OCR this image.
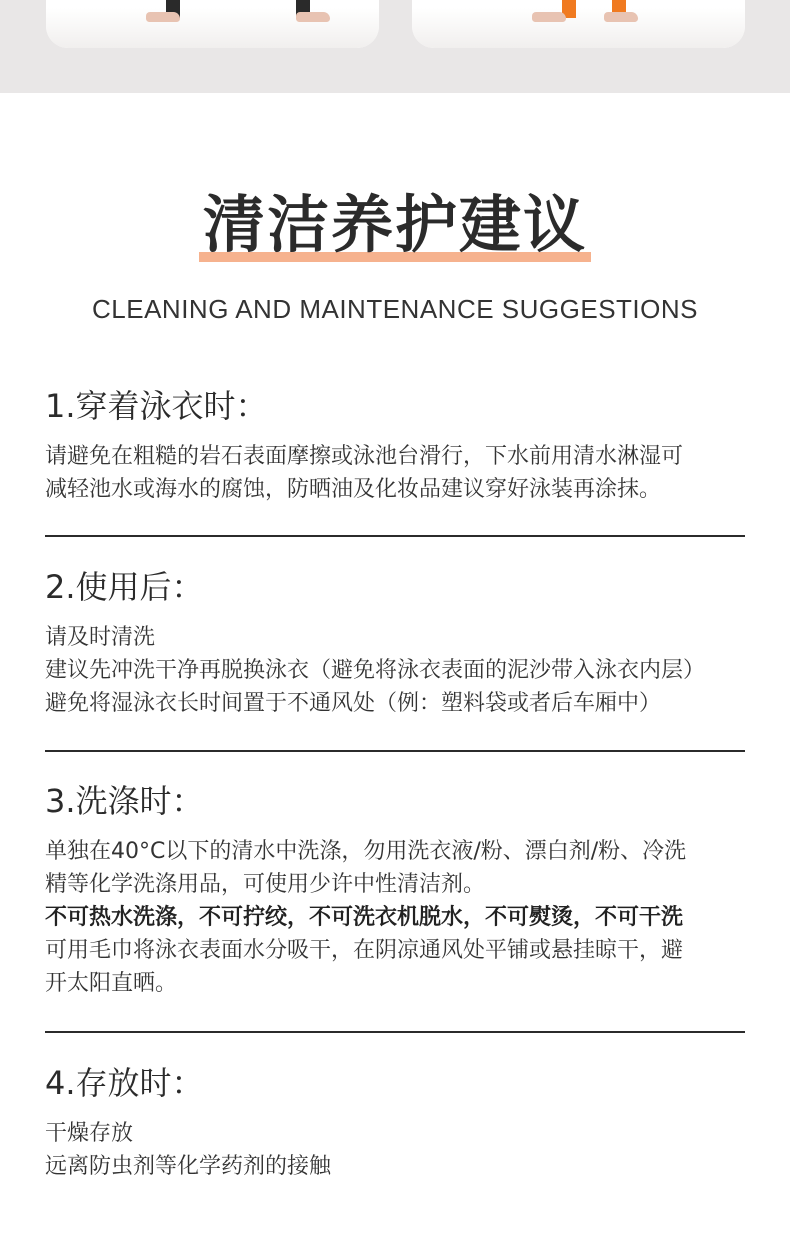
清洁养护建议
CLEANING AND MAINTENANCE SUGGESTIONS
1.穿着泳衣时：
请避免在粗糙的岩石表面摩擦或泳池台滑行，下水前用清水淋湿可
减轻池水或海水的腐蚀，防晒油及化妆品建议穿好泳装再涂抹。
2.使用后：
请及时清洗
建议先冲洗干净再脱换泳衣（避免将泳衣表面的泥沙带入泳衣内层）
避免将湿泳衣长时间置于不通风处（例：塑料袋或者后车厢中）
3.洗涤时：
单独在40°C以下的清水中洗涤，勿用洗衣液/粉、漂白剂/粉、冷洗
精等化学洗涤用品，可使用少许中性清洁剂。
不可热水洗涤，不可拧绞，不可洗衣机脱水，不可熨烫，不可干洗
可用毛巾将泳衣表面水分吸干，在阴凉通风处平铺或悬挂晾干，避
开太阳直晒。
4.存放时：
干燥存放
远离防虫剂等化学药剂的接触
